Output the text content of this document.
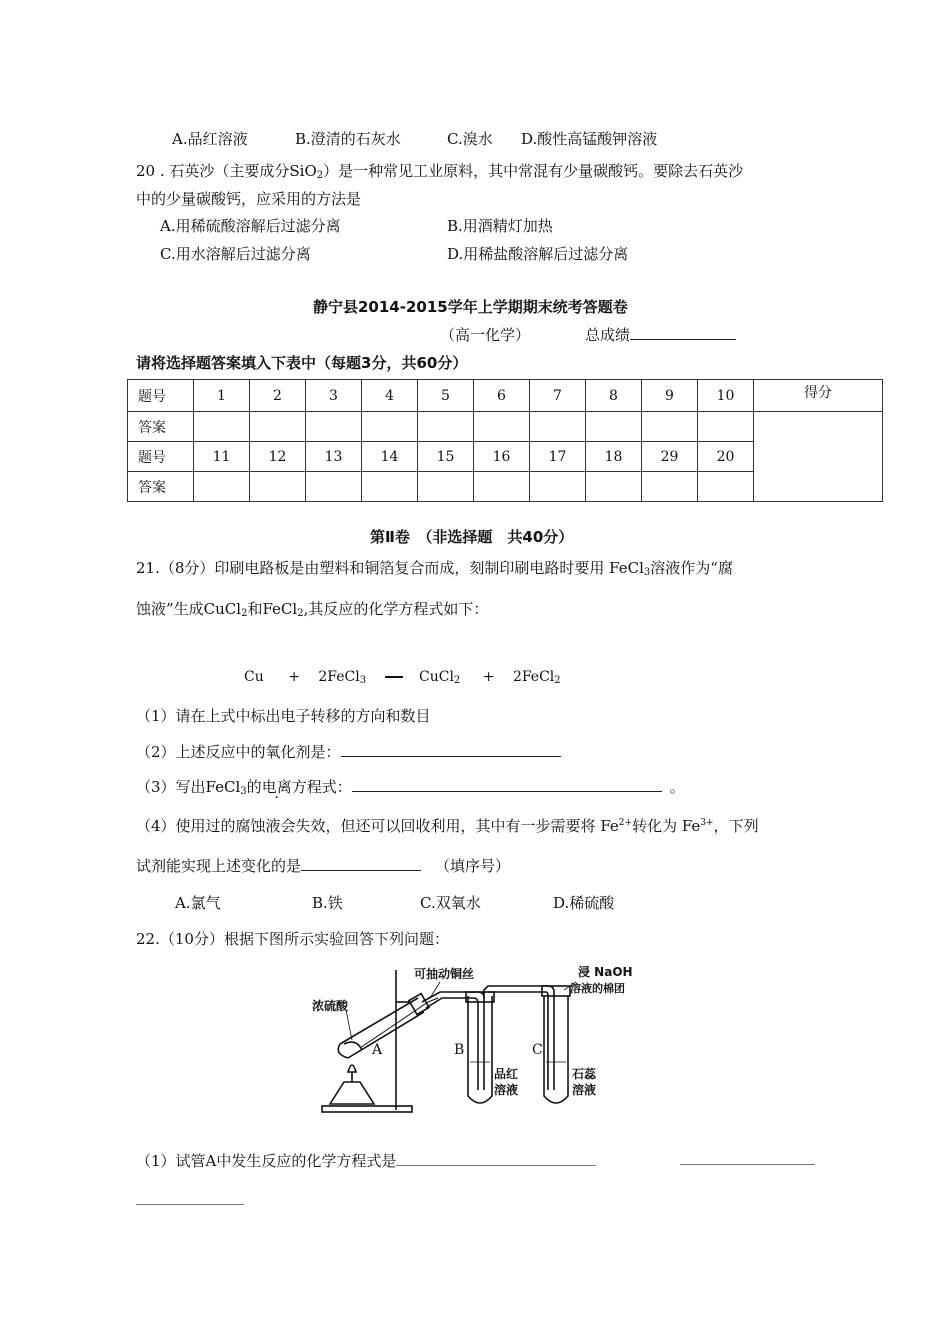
A.品红溶液	B.澄清的石灰水	C.溴水 D.酸性高锰酸钾溶液
20 . 石英沙（主要成分SiO$_2$）是一种常见工业原料，其中常混有少量碳酸钙。要除去石英沙
中的少量碳酸钙，应采用的方法是
A.用稀硫酸溶解后过滤分离	B.用酒精灯加热
C.用水溶解后过滤分离	D.用稀盐酸溶解后过滤分离
静宁县2014-2015学年上学期期末统考答题卷
（高一化学）	总成绩
请将选择题答案填入下表中（每题3分，共60分）
题号	1	2	3	4	5	6	7	8	9	10	得分
答案											
题号	11	12	13	14	15	16	17	18	29	20	
答案											
第Ⅱ卷　（非选择题　共40分）
21.（8分）印刷电路板是由塑料和铜箔复合而成，刻制印刷电路时要用 FeCl$_3$溶液作为“腐
蚀液”生成CuCl$_2$和FeCl$_2$,其反应的化学方程式如下：
Cu + 2FeCl$_3$	CuCl$_2$ + 2FeCl$_2$
（1）请在上式中标出电子转移的方向和数目
（2）上述反应中的氧化剂是：
（3）写出FeCl$_3$的电离方程式：	。
（4）使用过的腐蚀液会失效，但还可以回收利用，其中有一步需要将 $Fe^{2+}$转化为 $Fe^{3+}$，下列
试剂能实现上述变化的是	（填序号）
A.氯气	B.铁	C.双氧水	D.稀硫酸
22.（10分）根据下图所示实验回答下列问题：
可抽动铜丝
浓硫酸
A	B	C
浸 NaOH
溶液的棉团
品红
溶液
石蕊
溶液
（1）试管A中发生反应的化学方程式是
